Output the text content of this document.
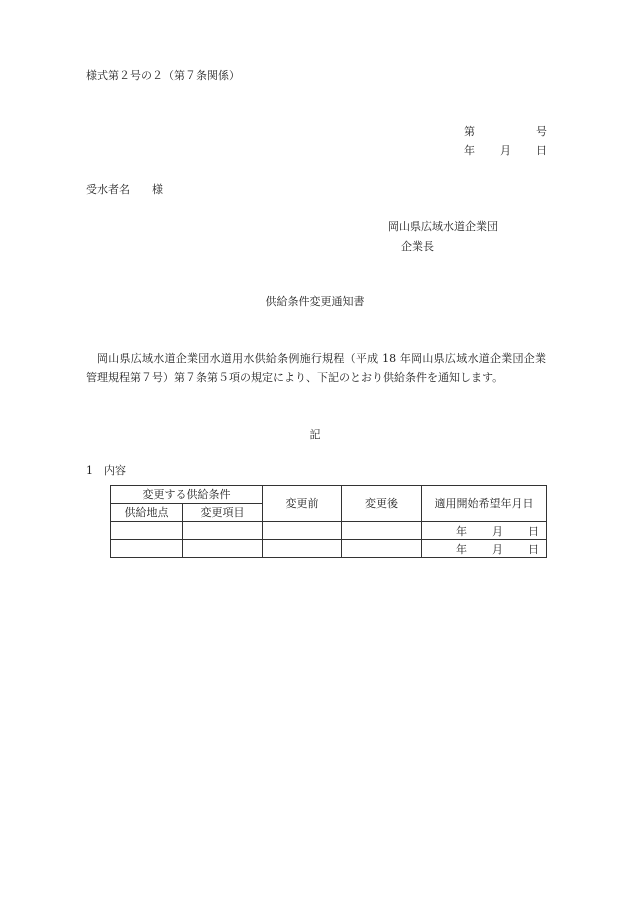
様式第２号の２（第７条関係）
第	号
年 月 日
受水者名 様
岡山県広域水道企業団
企業長
供給条件変更通知書
岡山県広域水道企業団水道用水供給条例施行規程（平成 18 年岡山県広域水道企業団企業管理規程第７号）第７条第５項の規定により、下記のとおり供給条件を通知します。
記
1 内容
変更する供給条件		変更前	変更後	適用開始希望年月日
供給地点	変更項目			

				年 月 日

				年 月 日
